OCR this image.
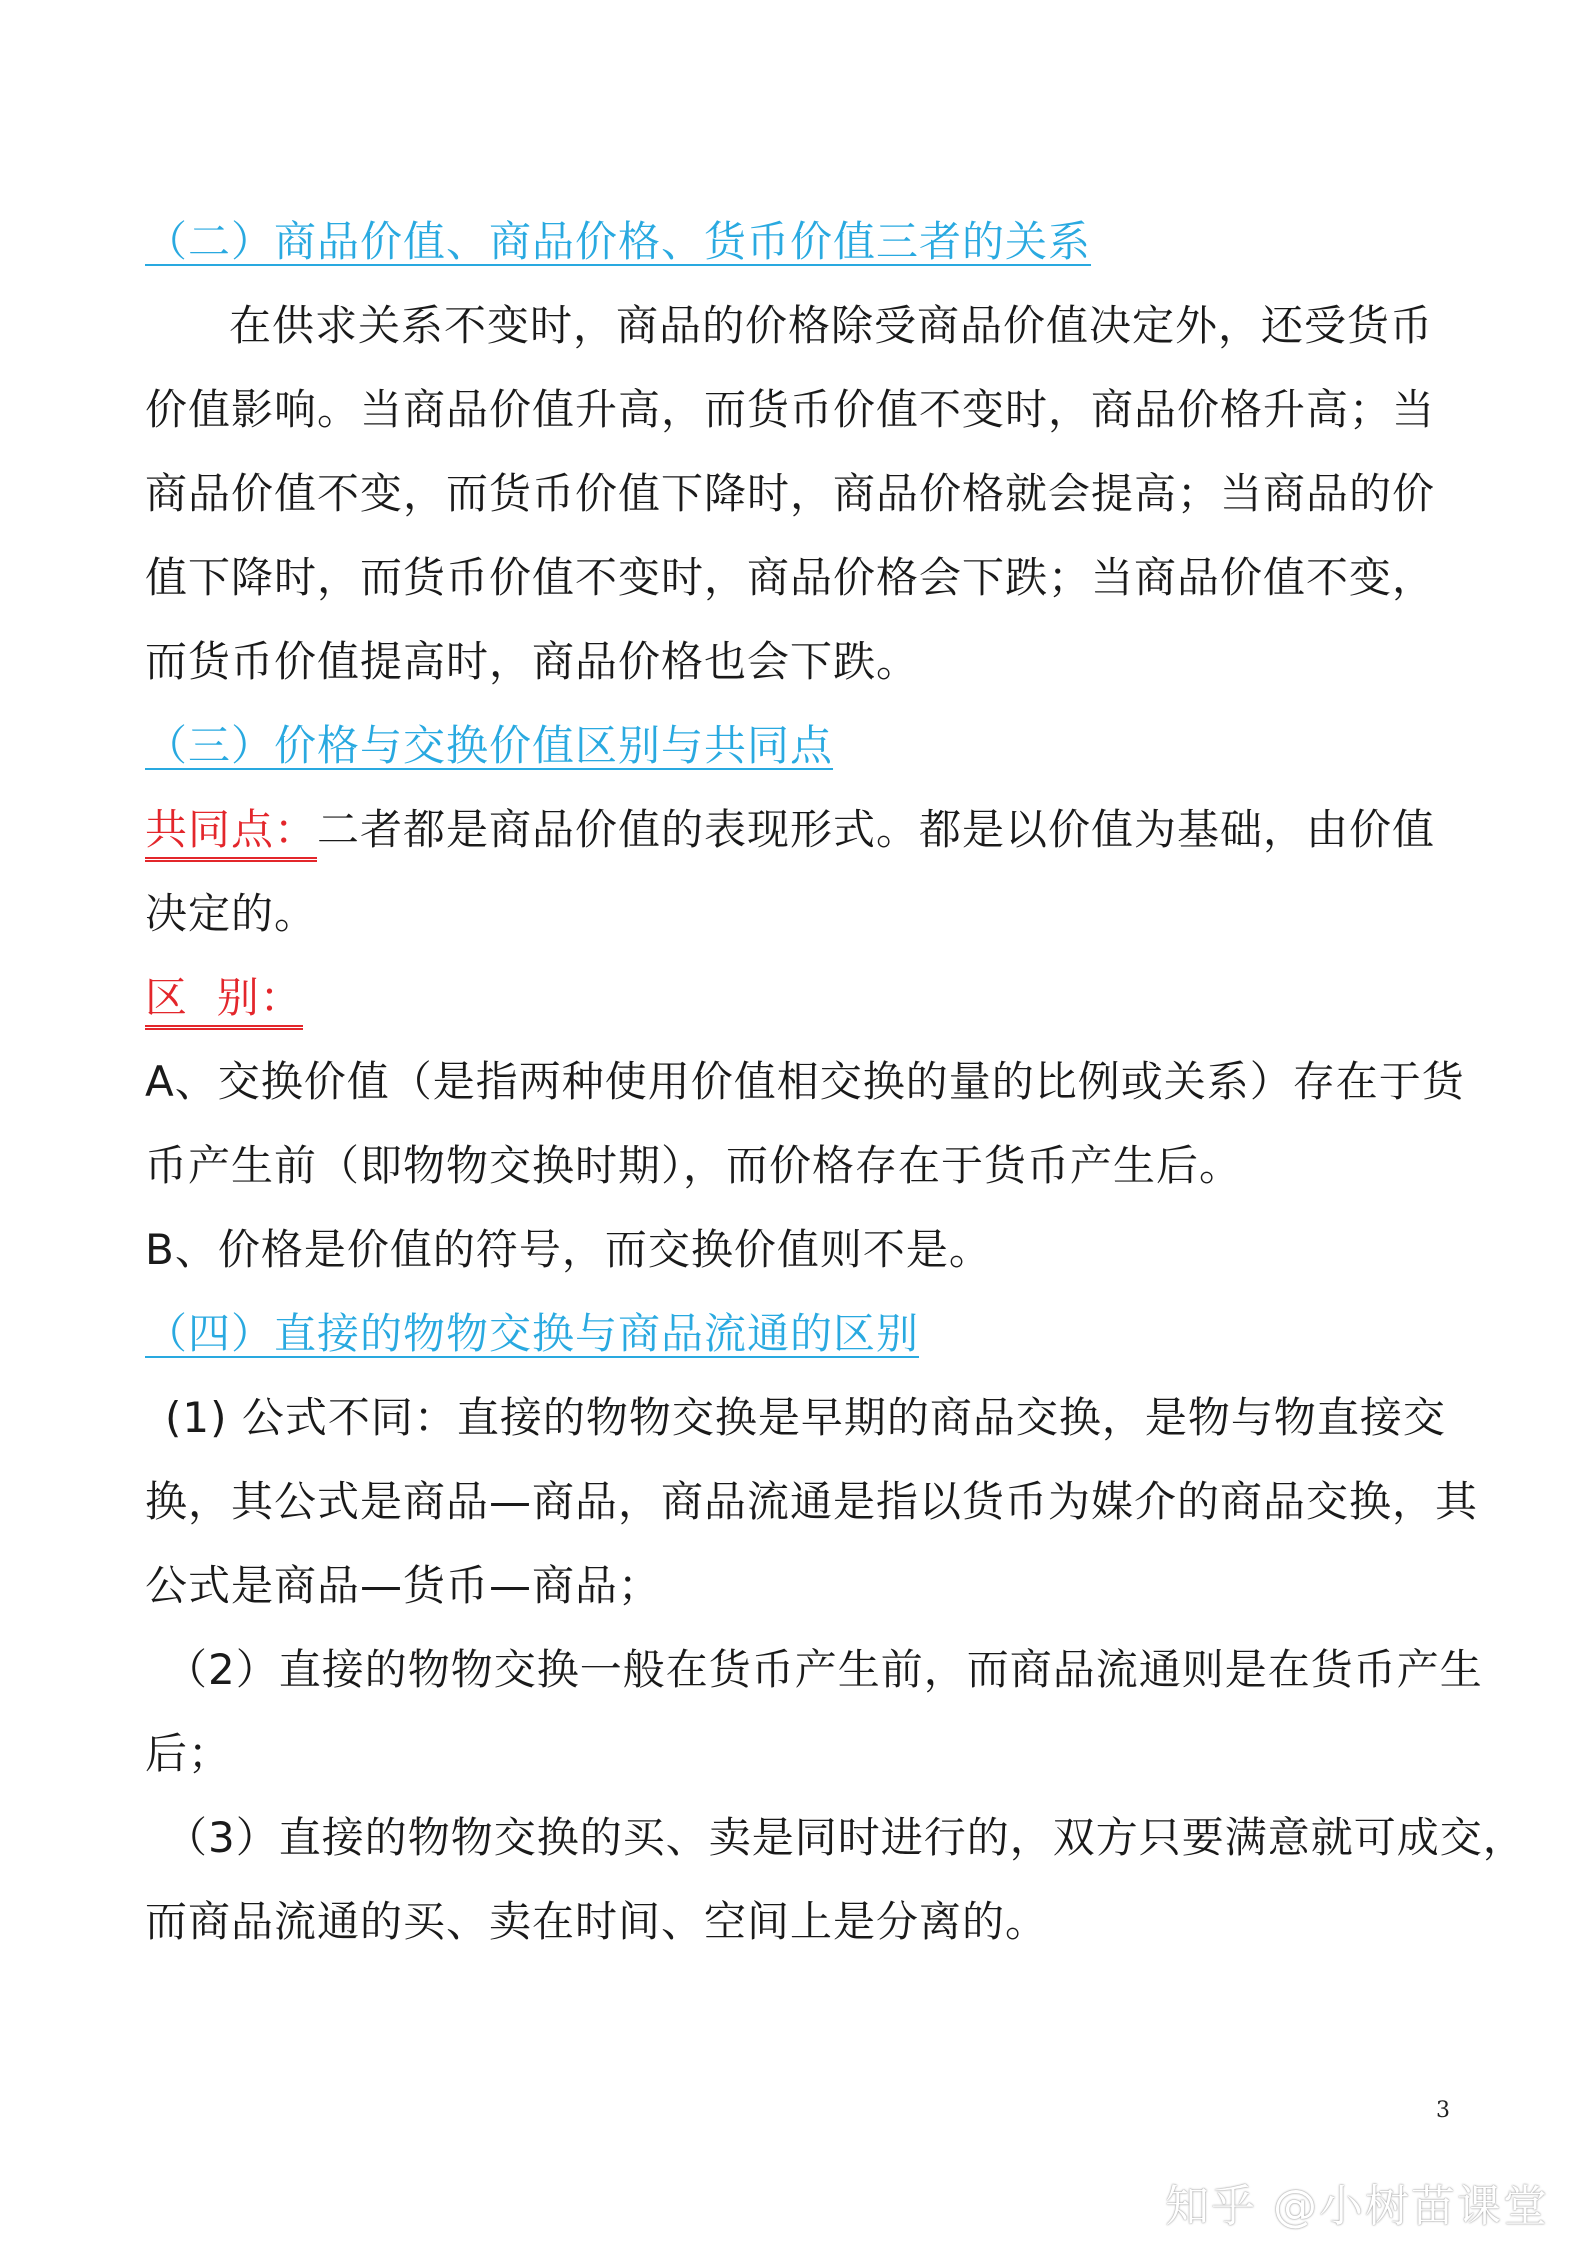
（二）商品价值、商品价格、货币价值三者的关系

在供求关系不变时，商品的价格除受商品价值决定外，还受货币

价值影响。当商品价值升高，而货币价值不变时，商品价格升高；当

商品价值不变，而货币价值下降时，商品价格就会提高；当商品的价

值下降时，而货币价值不变时，商品价格会下跌；当商品价值不变，

而货币价值提高时，商品价格也会下跌。

（三）价格与交换价值区别与共同点

共同点：二者都是商品价值的表现形式。都是以价值为基础，由价值

决定的。

区  别：

A、交换价值（是指两种使用价值相交换的量的比例或关系）存在于货

币产生前（即物物交换时期），而价格存在于货币产生后。

B、价格是价值的符号，而交换价值则不是。

（四）直接的物物交换与商品流通的区别

(1) 公式不同：直接的物物交换是早期的商品交换，是物与物直接交

换，其公式是商品—商品，商品流通是指以货币为媒介的商品交换，其

公式是商品—货币—商品；

（2）直接的物物交换一般在货币产生前，而商品流通则是在货币产生

后；

（3）直接的物物交换的买、卖是同时进行的，双方只要满意就可成交，

而商品流通的买、卖在时间、空间上是分离的。

3
知乎 @小树苗课堂
